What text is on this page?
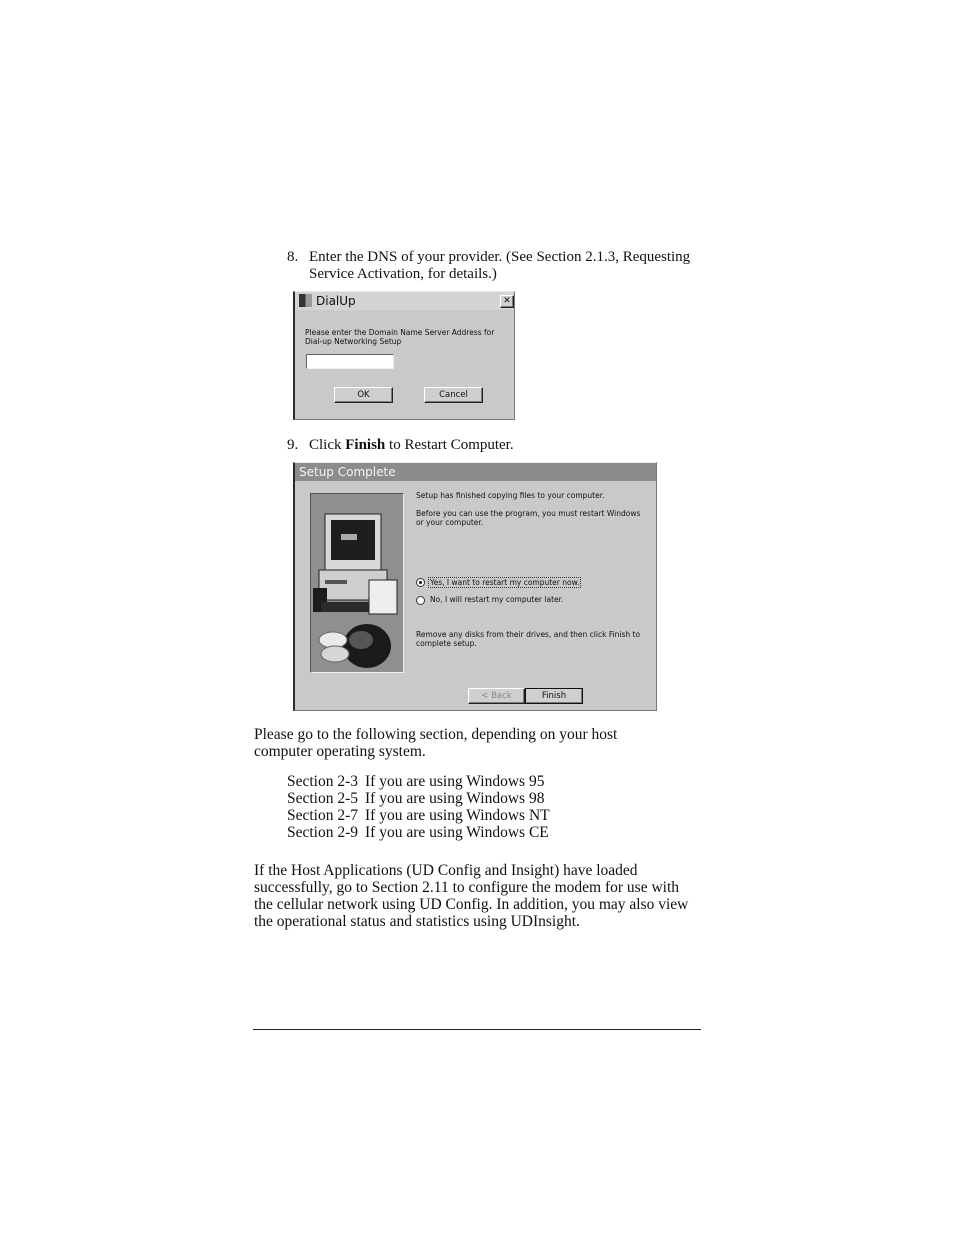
8. Enter the DNS of your provider. (See Section 2.1.3, Requesting Service Activation, for details.)
DialUp	✕
Please enter the Domain Name Server Address for Dial-up Networking Setup
OK	Cancel
9. Click Finish to Restart Computer.
Setup Complete
Setup has finished copying files to your computer.
Before you can use the program, you must restart Windows or your computer.
Yes, I want to restart my computer now.
No, I will restart my computer later.
Remove any disks from their drives, and then click Finish to complete setup.
< Back	Finish
Please go to the following section, depending on your host computer operating system.
Section 2-3 If you are using Windows 95
Section 2-5 If you are using Windows 98
Section 2-7 If you are using Windows NT
Section 2-9 If you are using Windows CE
If the Host Applications (UD Config and Insight) have loaded successfully, go to Section 2.11 to configure the modem for use with the cellular network using UD Config. In addition, you may also view the operational status and statistics using UDInsight.
